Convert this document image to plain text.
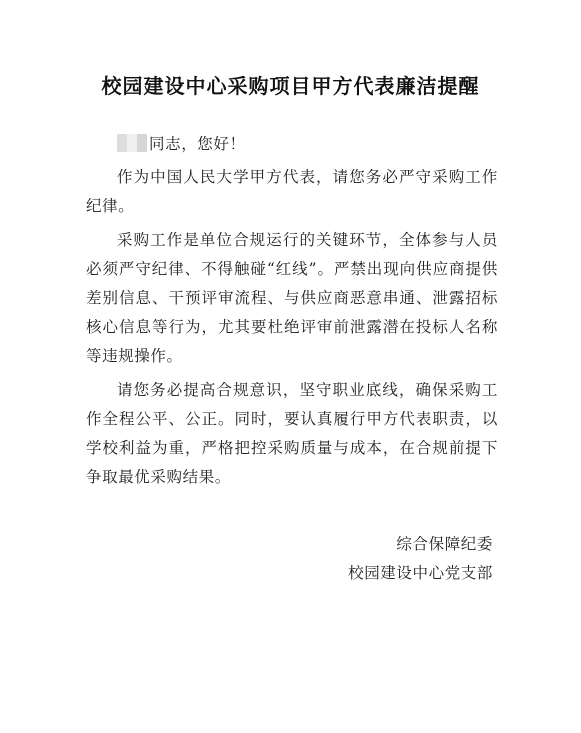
校园建设中心采购项目甲方代表廉洁提醒
同志，您好！

作为中国人民大学甲方代表，请您务必严守采购工作纪律。

采购工作是单位合规运行的关键环节，全体参与人员必须严守纪律、不得触碰“红线”。严禁出现向供应商提供差别信息、干预评审流程、与供应商恶意串通、泄露招标核心信息等行为，尤其要杜绝评审前泄露潜在投标人名称等违规操作。

请您务必提高合规意识，坚守职业底线，确保采购工作全程公平、公正。同时，要认真履行甲方代表职责，以学校利益为重，严格把控采购质量与成本，在合规前提下争取最优采购结果。

综合保障纪委
校园建设中心党支部
